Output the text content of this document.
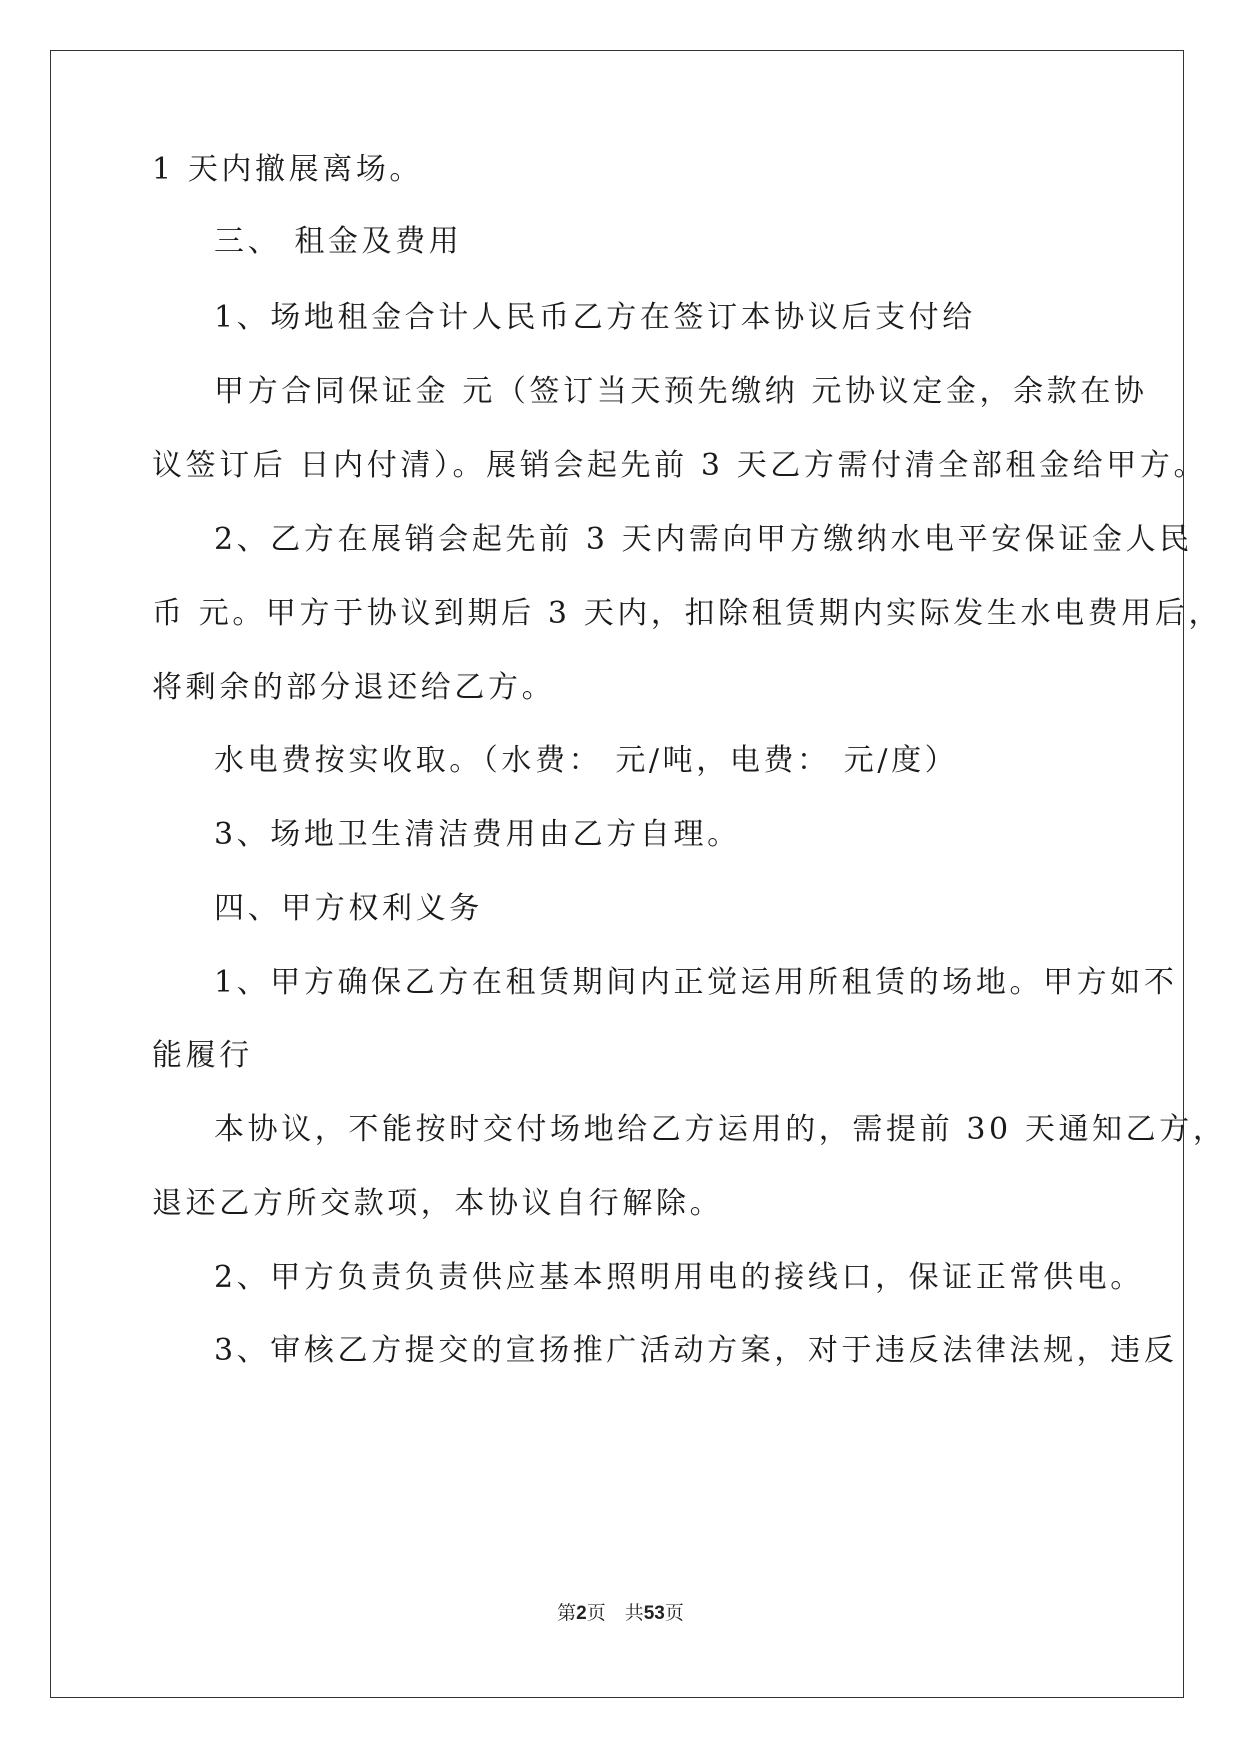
1 天内撤展离场。
三、 租金及费用
1、场地租金合计人民币乙方在签订本协议后支付给
甲方合同保证金 元（签订当天预先缴纳 元协议定金，余款在协
议签订后 日内付清）。展销会起先前 3 天乙方需付清全部租金给甲方。
2、乙方在展销会起先前 3 天内需向甲方缴纳水电平安保证金人民
币 元。甲方于协议到期后 3 天内，扣除租赁期内实际发生水电费用后，
将剩余的部分退还给乙方。
水电费按实收取。（水费： 元/吨，电费： 元/度）
3、场地卫生清洁费用由乙方自理。
四、甲方权利义务
1、甲方确保乙方在租赁期间内正觉运用所租赁的场地。甲方如不
能履行
本协议，不能按时交付场地给乙方运用的，需提前 30 天通知乙方，
退还乙方所交款项，本协议自行解除。
2、甲方负责负责供应基本照明用电的接线口，保证正常供电。
3、审核乙方提交的宣扬推广活动方案，对于违反法律法规，违反
第2页    共53页
